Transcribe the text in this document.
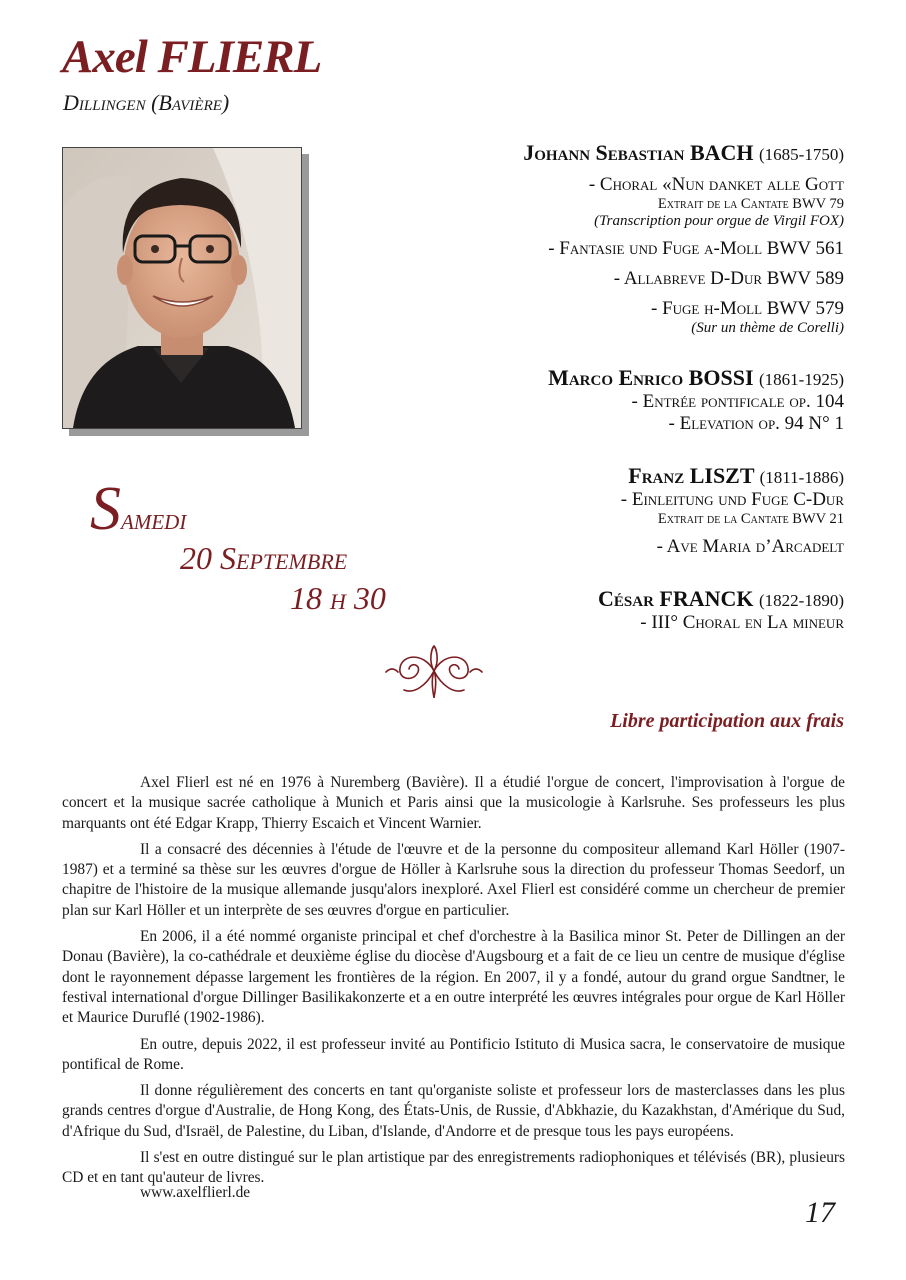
Axel FLIERL
Dillingen (Bavière)
Samedi
20 Septembre
18 h 30
Johann Sebastian BACH (1685-1750)
- Choral «Nun danket alle Gott
Extrait de la Cantate BWV 79
(Transcription pour orgue de Virgil FOX)
- Fantasie und Fuge a-Moll BWV 561
- Allabreve D-Dur BWV 589
- Fuge h-Moll BWV 579
(Sur un thème de Corelli)
Marco Enrico BOSSI (1861-1925)
- Entrée pontificale op. 104
- Elevation op. 94 N° 1
Franz LISZT (1811-1886)
- Einleitung und Fuge C-Dur
Extrait de la Cantate BWV 21
- Ave Maria d’Arcadelt
César FRANCK (1822-1890)
- III° Choral en La mineur
Libre participation aux frais

Axel Flierl est né en 1976 à Nuremberg (Bavière). Il a étudié l'orgue de concert, l'improvisation à l'orgue de concert et la musique sacrée catholique à Munich et Paris ainsi que la musicologie à Karlsruhe. Ses professeurs les plus marquants ont été Edgar Krapp, Thierry Escaich et Vincent Warnier.

Il a consacré des décennies à l'étude de l'œuvre et de la personne du compositeur allemand Karl Höller (1907-1987) et a terminé sa thèse sur les œuvres d'orgue de Höller à Karlsruhe sous la direction du professeur Thomas Seedorf, un chapitre de l'histoire de la musique allemande jusqu'alors inexploré. Axel Flierl est considéré comme un chercheur de premier plan sur Karl Höller et un interprète de ses œuvres d'orgue en particulier.

En 2006, il a été nommé organiste principal et chef d'orchestre à la Basilica minor St. Peter de Dillingen an der Donau (Bavière), la co-cathédrale et deuxième église du diocèse d'Augsbourg et a fait de ce lieu un centre de musique d'église dont le rayonnement dépasse largement les frontières de la région. En 2007, il y a fondé, autour du grand orgue Sandtner, le festival international d'orgue Dillinger Basilikakonzerte et a en outre interprété les œuvres intégrales pour orgue de Karl Höller et Maurice Duruflé (1902-1986).

En outre, depuis 2022, il est professeur invité au Pontificio Istituto di Musica sacra, le conservatoire de musique pontifical de Rome.

Il donne régulièrement des concerts en tant qu'organiste soliste et professeur lors de masterclasses dans les plus grands centres d'orgue d'Australie, de Hong Kong, des États-Unis, de Russie, d'Abkhazie, du Kazakhstan, d'Amérique du Sud, d'Afrique du Sud, d'Israël, de Palestine, du Liban, d'Islande, d'Andorre et de presque tous les pays européens.

Il s'est en outre distingué sur le plan artistique par des enregistrements radiophoniques et télévisés (BR), plusieurs CD et en tant qu'auteur de livres.

www.axelflierl.de
17
